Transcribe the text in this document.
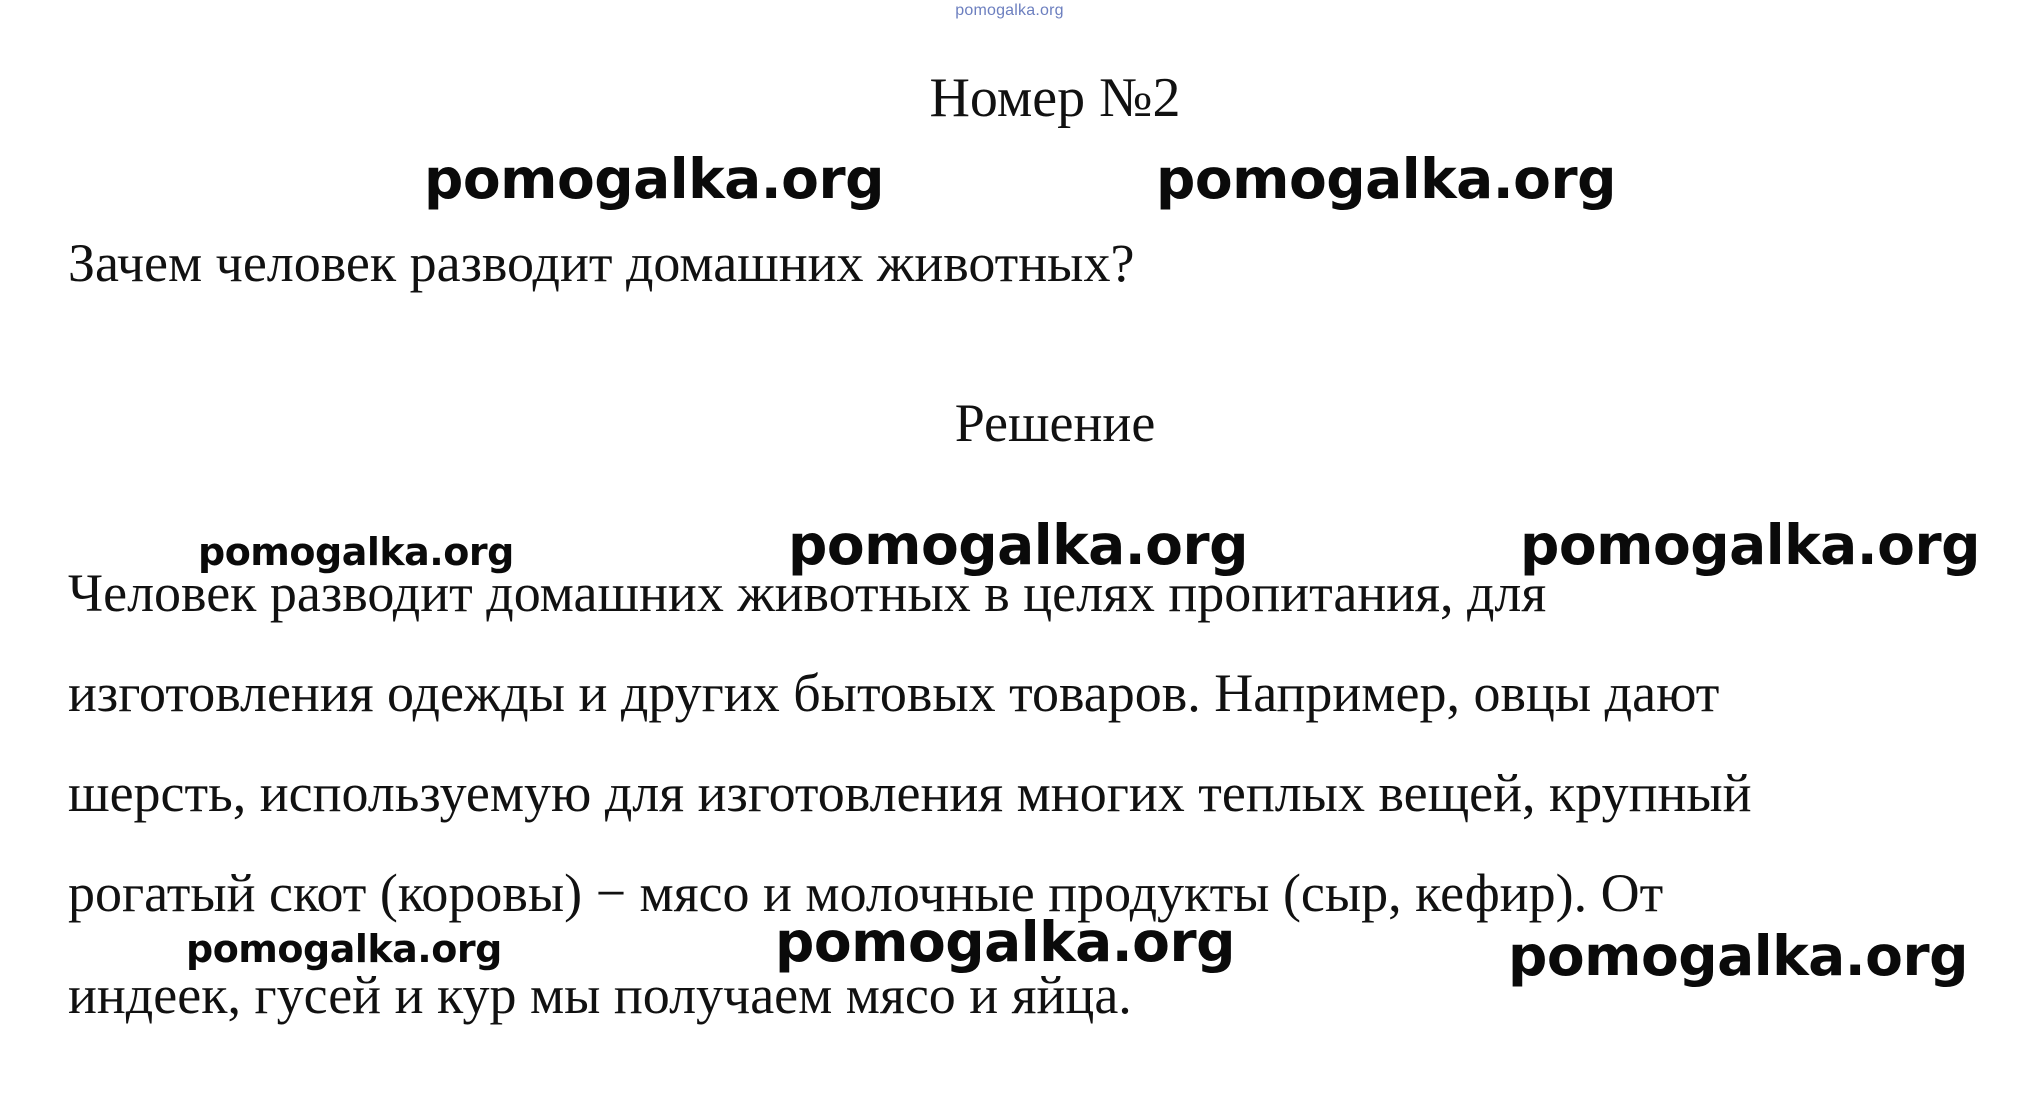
pomogalka.org
Номер №2
Зачем человек разводит домашних животных?
Решение
Человек разводит домашних животных в целях пропитания, для
изготовления одежды и других бытовых товаров. Например, овцы дают
шерсть, используемую для изготовления многих теплых вещей, крупный
рогатый скот (коровы) − мясо и молочные продукты (сыр, кефир). От
индеек, гусей и кур мы получаем мясо и яйца.
pomogalka.org	pomogalka.org
pomogalka.org	pomogalka.org	pomogalka.org
pomogalka.org	pomogalka.org	pomogalka.org
